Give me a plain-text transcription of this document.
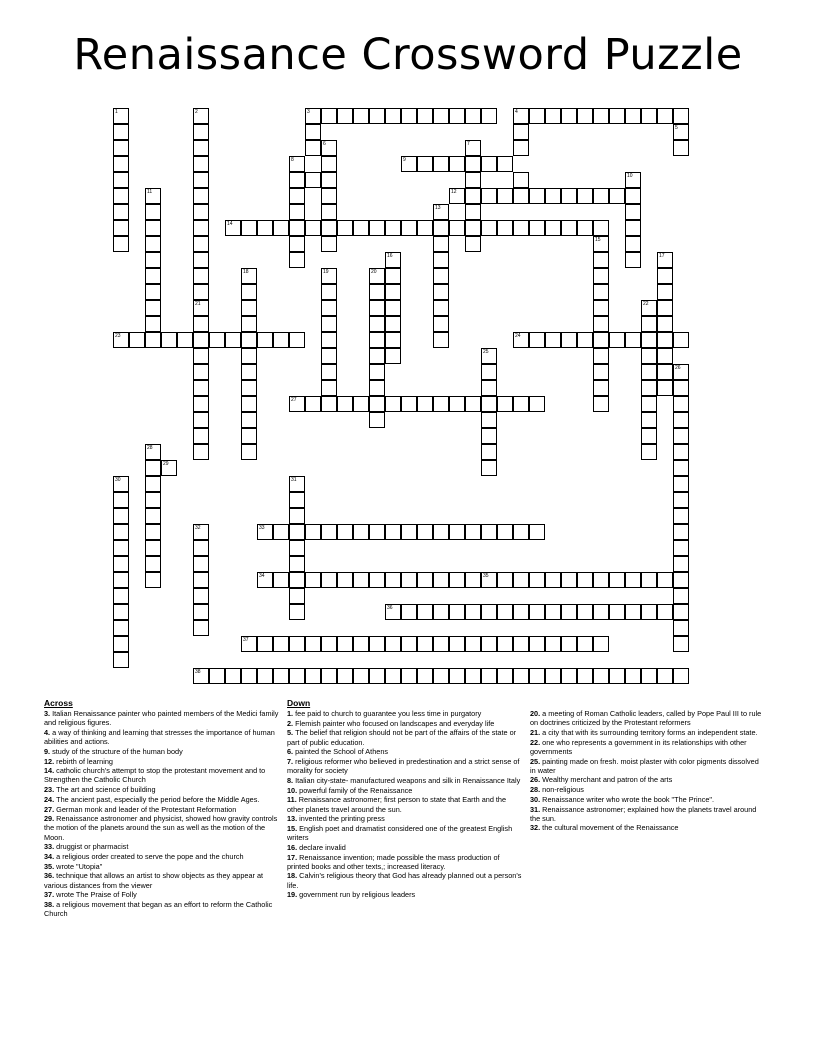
Renaissance Crossword Puzzle
1	2
21
3	4
5
6	7
8	9
10
11	12
13
14
15
16	17
18	19	20
22
23	24
25
26
27
28
29
30	31
32	33
34	35
36
37
38
Across

3. Italian Renaissance painter who painted members of the Medici family and religious figures.

4. a way of thinking and learning that stresses the importance of human abilities and actions.

9. study of the structure of the human body

12. rebirth of learning

14. catholic church's attempt to stop the protestant movement and to Strengthen the Catholic Church

23. The art and science of building

24. The ancient past, especially the period before the Middle Ages.

27. German monk and leader of the Protestant Reformation

29. Renaissance astronomer and physicist, showed how gravity controls the motion of the planets around the sun as well as the motion of the Moon.

33. druggist or pharmacist

34. a religious order created to serve the pope and the church

35. wrote "Utopia"

36. technique that allows an artist to show objects as they appear at various distances from the viewer

37. wrote The Praise of Folly

38. a religious movement that began as an effort to reform the Catholic Church

Down

1. fee paid to church to guarantee you less time in purgatory

2. Flemish painter who focused on landscapes and everyday life

5. The belief that religion should not be part of the affairs of the state or part of public education.

6. painted the School of Athens

7. religious reformer who believed in predestination and a strict sense of morality for society

8. Italian city-state- manufactured weapons and silk in Renaissance Italy

10. powerful family of the Renaissance

11. Renaissance astronomer; first person to state that Earth and the other planets travel around the sun.

13. invented the printing press

15. English poet and dramatist considered one of the greatest English writers

16. declare invalid

17. Renaissance invention; made possible the mass production of printed books and other texts,; increased literacy.

18. Calvin's religious theory that God has already planned out a person's life.

19. government run by religious leaders

20. a meeting of Roman Catholic leaders, called by Pope Paul III to rule on doctrines criticized by the Protestant reformers

21. a city that with its surrounding territory forms an independent state.

22. one who represents a government in its relationships with other governments

25. painting made on fresh. moist plaster with color pigments dissolved in water

26. Wealthy merchant and patron of the arts

28. non-religious

30. Renaissance writer who wrote the book "The Prince".

31. Renaissance astronomer; explained how the planets travel around the sun.

32. the cultural movement of the Renaissance
